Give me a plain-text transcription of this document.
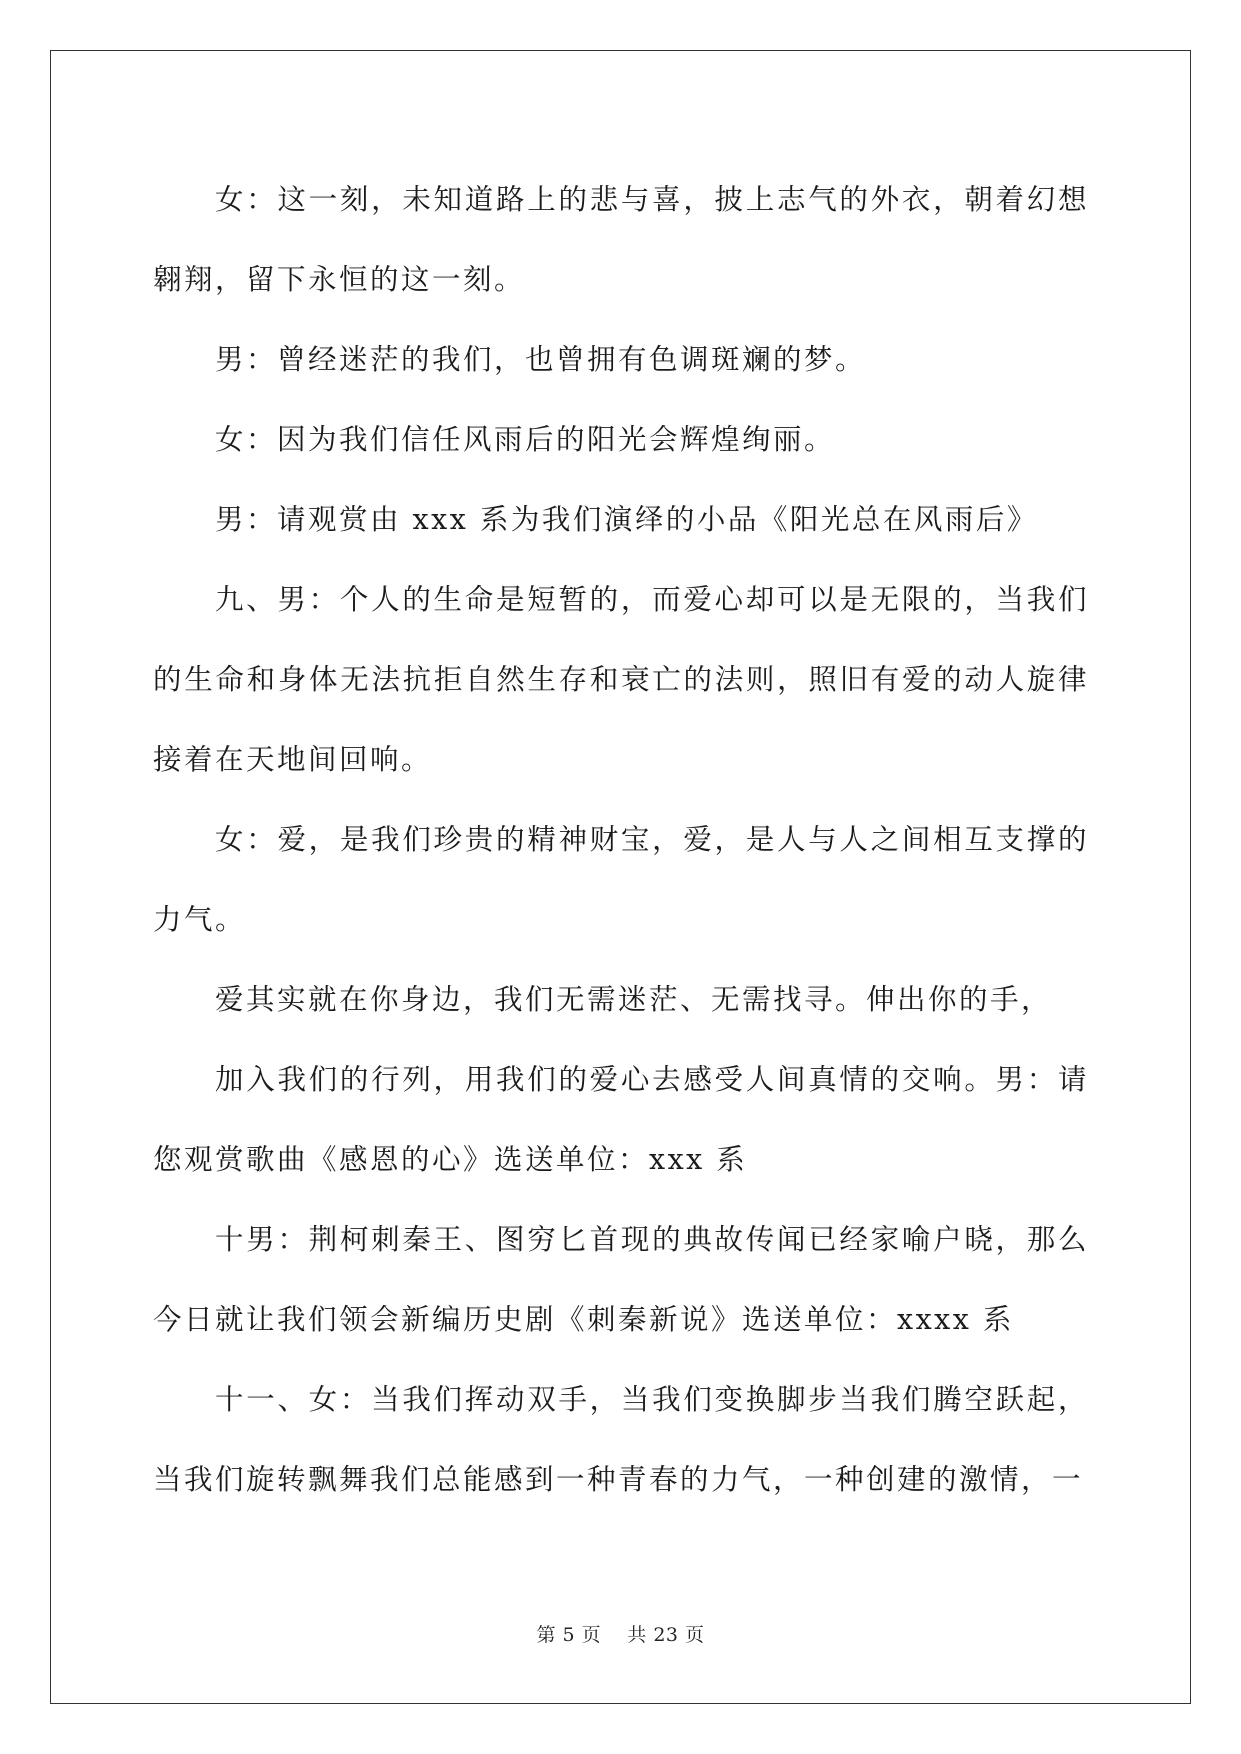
女：这一刻，未知道路上的悲与喜，披上志气的外衣，朝着幻想翱翔，留下永恒的这一刻。

男：曾经迷茫的我们，也曾拥有色调斑斓的梦。

女：因为我们信任风雨后的阳光会辉煌绚丽。

男：请观赏由 xxx 系为我们演绎的小品《阳光总在风雨后》

九、男：个人的生命是短暂的，而爱心却可以是无限的，当我们的生命和身体无法抗拒自然生存和衰亡的法则，照旧有爱的动人旋律接着在天地间回响。

女：爱，是我们珍贵的精神财宝，爱，是人与人之间相互支撑的力气。

爱其实就在你身边，我们无需迷茫、无需找寻。伸出你的手，

加入我们的行列，用我们的爱心去感受人间真情的交响。男：请您观赏歌曲《感恩的心》选送单位：xxx 系

十男：荆柯刺秦王、图穷匕首现的典故传闻已经家喻户晓，那么今日就让我们领会新编历史剧《刺秦新说》选送单位：xxxx 系

十一、女：当我们挥动双手，当我们变换脚步当我们腾空跃起，当我们旋转飘舞我们总能感到一种青春的力气，一种创建的激情，一

第 5 页 共 23 页
